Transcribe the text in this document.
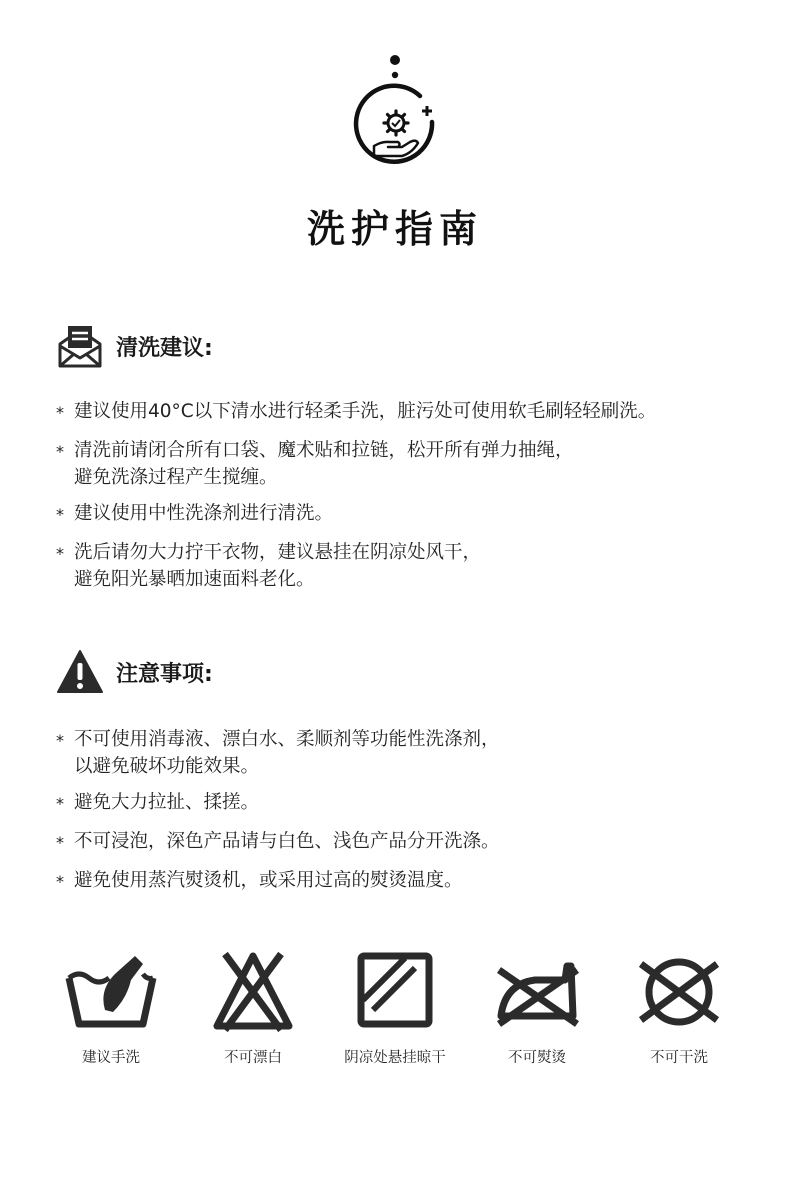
洗护指南
清洗建议:
* 建议使用40°C以下清水进行轻柔手洗，脏污处可使用软毛刷轻轻刷洗。
* 清洗前请闭合所有口袋、魔术贴和拉链，松开所有弹力抽绳，
避免洗涤过程产生搅缠。
* 建议使用中性洗涤剂进行清洗。
* 洗后请勿大力拧干衣物，建议悬挂在阴凉处风干，
避免阳光暴晒加速面料老化。
注意事项:
* 不可使用消毒液、漂白水、柔顺剂等功能性洗涤剂，
以避免破坏功能效果。
* 避免大力拉扯、揉搓。
* 不可浸泡，深色产品请与白色、浅色产品分开洗涤。
* 避免使用蒸汽熨烫机，或采用过高的熨烫温度。
建议手洗	不可漂白	阴凉处悬挂晾干	不可熨烫	不可干洗
